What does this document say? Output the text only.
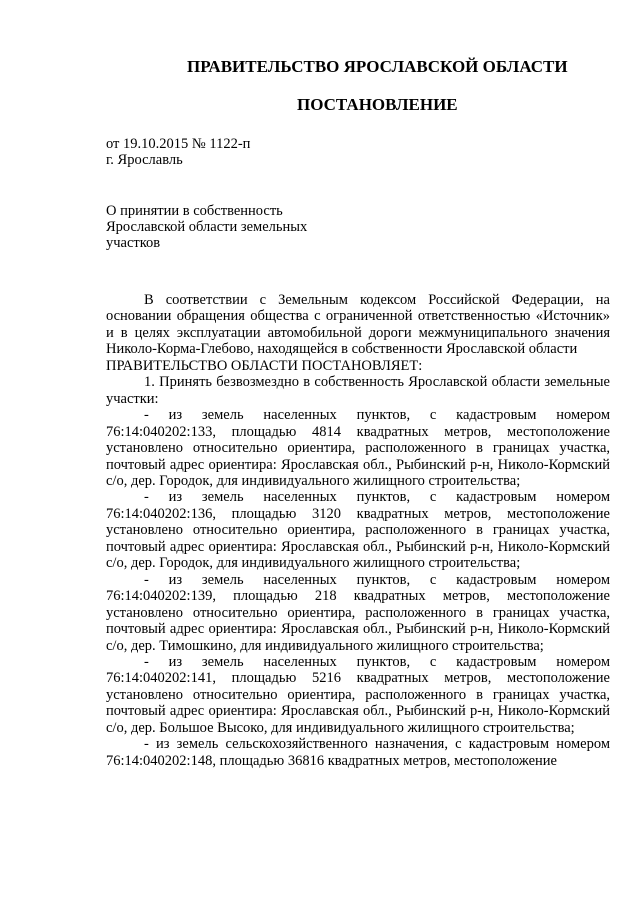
ПРАВИТЕЛЬСТВО ЯРОСЛАВСКОЙ ОБЛАСТИ
ПОСТАНОВЛЕНИЕ
от 19.10.2015 № 1122-п
г. Ярославль
О принятии в собственность
Ярославской области земельных
участков

В соответствии с Земельным кодексом Российской Федерации, на основании обращения общества с ограниченной ответственностью «Источник» и в целях эксплуатации автомобильной дороги межмуниципального значения Николо-Корма-Глебово, находящейся в собственности Ярославской области

ПРАВИТЕЛЬСТВО ОБЛАСТИ ПОСТАНОВЛЯЕТ:

1. Принять безвозмездно в собственность Ярославской области земельные участки:

- из земель населенных пунктов, с кадастровым номером 76:14:040202:133, площадью 4814 квадратных метров, местоположение установлено относительно ориентира, расположенного в границах участка, почтовый адрес ориентира: Ярославская обл., Рыбинский р-н, Николо-Кормский с/о, дер. Городок, для индивидуального жилищного строительства;

- из земель населенных пунктов, с кадастровым номером 76:14:040202:136, площадью 3120 квадратных метров, местоположение установлено относительно ориентира, расположенного в границах участка, почтовый адрес ориентира: Ярославская обл., Рыбинский р-н, Николо-Кормский с/о, дер. Городок, для индивидуального жилищного строительства;

- из земель населенных пунктов, с кадастровым номером 76:14:040202:139, площадью 218 квадратных метров, местоположение установлено относительно ориентира, расположенного в границах участка, почтовый адрес ориентира: Ярославская обл., Рыбинский р-н, Николо-Кормский с/о, дер. Тимошкино, для индивидуального жилищного строительства;

- из земель населенных пунктов, с кадастровым номером 76:14:040202:141, площадью 5216 квадратных метров, местоположение установлено относительно ориентира, расположенного в границах участка, почтовый адрес ориентира: Ярославская обл., Рыбинский р-н, Николо-Кормский с/о, дер. Большое Высоко, для индивидуального жилищного строительства;

- из земель сельскохозяйственного назначения, с кадастровым номером 76:14:040202:148, площадью 36816 квадратных метров, местоположение
